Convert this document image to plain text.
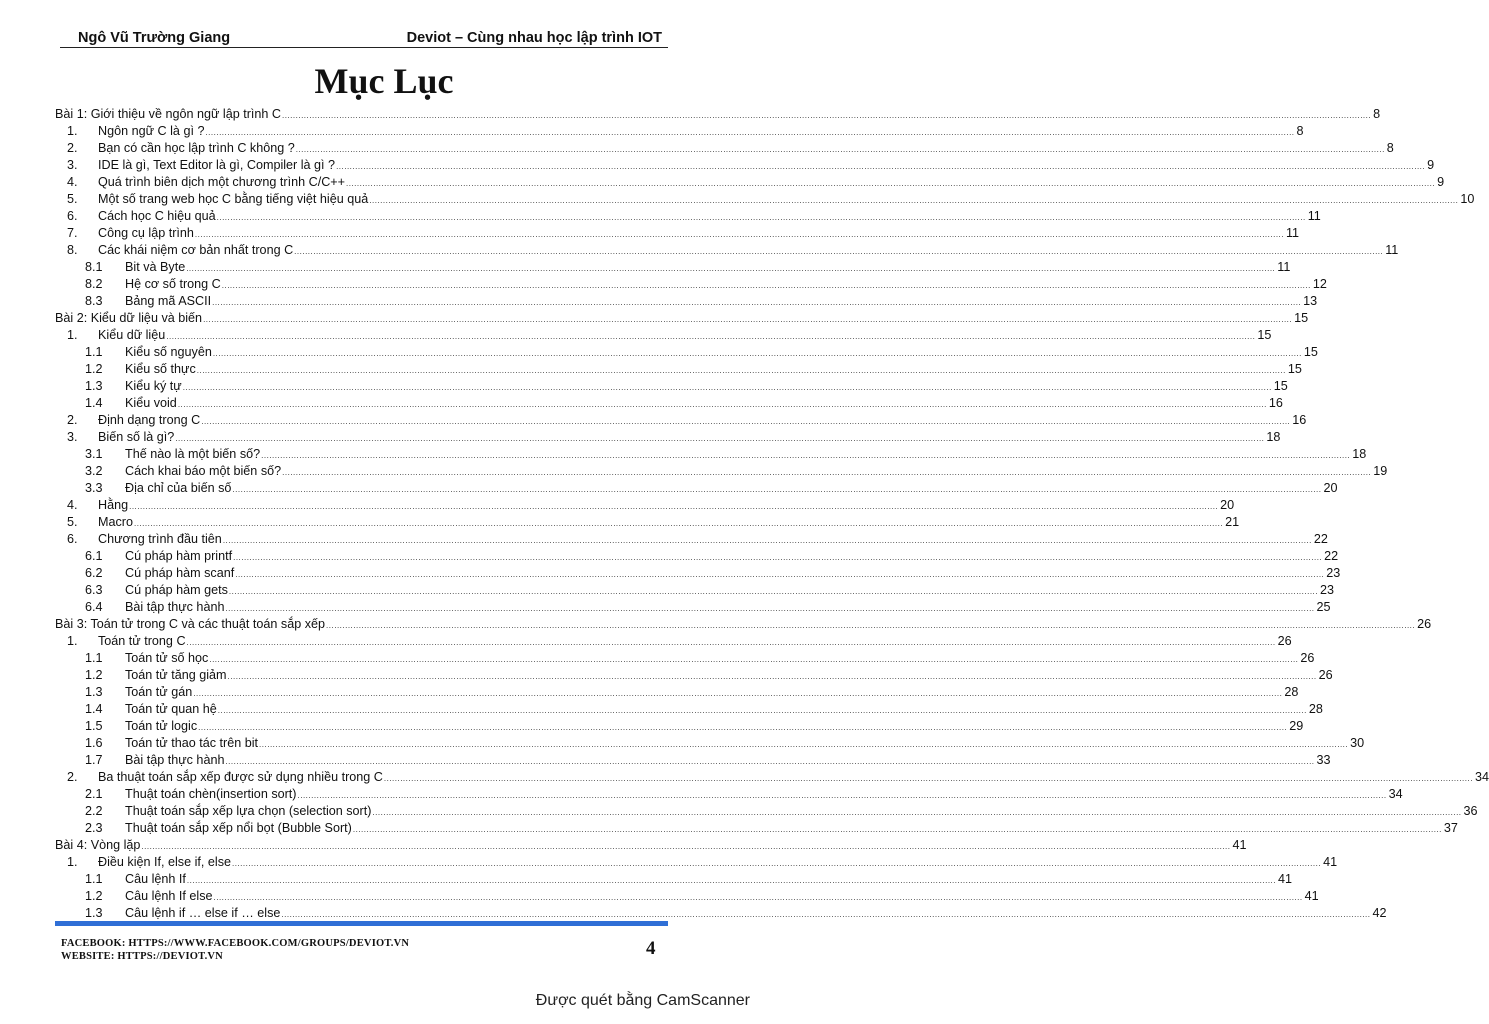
Ngô Vũ Trường Giang	Deviot – Cùng nhau học lập trình IOT
Mục Lục
Bài 1: Giới thiệu về ngôn ngữ lập trình C ................................................................................................................................................................................................................................................................................................................................................................................................................ 8
1. Ngôn ngữ C là gì ? ................................................................................................................................................................................................................................................................................................................................................................................................................ 8
2. Bạn có cần học lập trình C không ? ................................................................................................................................................................................................................................................................................................................................................................................................................ 8
3. IDE là gì, Text Editor là gì, Compiler là gì ? ................................................................................................................................................................................................................................................................................................................................................................................................................ 9
4. Quá trình biên dịch một chương trình C/C++ ................................................................................................................................................................................................................................................................................................................................................................................................................ 9
5. Một số trang web học C bằng tiếng việt hiệu quả ................................................................................................................................................................................................................................................................................................................................................................................................................ 10
6. Cách học C hiệu quả ................................................................................................................................................................................................................................................................................................................................................................................................................ 11
7. Công cụ lập trình ................................................................................................................................................................................................................................................................................................................................................................................................................ 11
8. Các khái niệm cơ bản nhất trong C ................................................................................................................................................................................................................................................................................................................................................................................................................ 11
8.1 Bit và Byte ................................................................................................................................................................................................................................................................................................................................................................................................................ 11
8.2 Hệ cơ số trong C ................................................................................................................................................................................................................................................................................................................................................................................................................ 12
8.3 Bảng mã ASCII ................................................................................................................................................................................................................................................................................................................................................................................................................ 13
Bài 2: Kiểu dữ liệu và biến ................................................................................................................................................................................................................................................................................................................................................................................................................ 15
1. Kiểu dữ liệu ................................................................................................................................................................................................................................................................................................................................................................................................................ 15
1.1 Kiểu số nguyên ................................................................................................................................................................................................................................................................................................................................................................................................................ 15
1.2 Kiểu số thực ................................................................................................................................................................................................................................................................................................................................................................................................................ 15
1.3 Kiểu ký tự ................................................................................................................................................................................................................................................................................................................................................................................................................ 15
1.4 Kiểu void ................................................................................................................................................................................................................................................................................................................................................................................................................ 16
2. Định dạng trong C ................................................................................................................................................................................................................................................................................................................................................................................................................ 16
3. Biến số là gì? ................................................................................................................................................................................................................................................................................................................................................................................................................ 18
3.1 Thế nào là một biến số? ................................................................................................................................................................................................................................................................................................................................................................................................................ 18
3.2 Cách khai báo một biến số? ................................................................................................................................................................................................................................................................................................................................................................................................................ 19
3.3 Địa chỉ của biến số ................................................................................................................................................................................................................................................................................................................................................................................................................ 20
4. Hằng ................................................................................................................................................................................................................................................................................................................................................................................................................ 20
5. Macro ................................................................................................................................................................................................................................................................................................................................................................................................................ 21
6. Chương trình đầu tiên ................................................................................................................................................................................................................................................................................................................................................................................................................ 22
6.1 Cú pháp hàm printf ................................................................................................................................................................................................................................................................................................................................................................................................................ 22
6.2 Cú pháp hàm scanf ................................................................................................................................................................................................................................................................................................................................................................................................................ 23
6.3 Cú pháp hàm gets ................................................................................................................................................................................................................................................................................................................................................................................................................ 23
6.4 Bài tập thực hành ................................................................................................................................................................................................................................................................................................................................................................................................................ 25
Bài 3: Toán tử trong C và các thuật toán sắp xếp ................................................................................................................................................................................................................................................................................................................................................................................................................ 26
1. Toán tử trong C ................................................................................................................................................................................................................................................................................................................................................................................................................ 26
1.1 Toán tử số học ................................................................................................................................................................................................................................................................................................................................................................................................................ 26
1.2 Toán tử tăng giảm ................................................................................................................................................................................................................................................................................................................................................................................................................ 26
1.3 Toán tử gán ................................................................................................................................................................................................................................................................................................................................................................................................................ 28
1.4 Toán tử quan hệ ................................................................................................................................................................................................................................................................................................................................................................................................................ 28
1.5 Toán tử logic ................................................................................................................................................................................................................................................................................................................................................................................................................ 29
1.6 Toán tử thao tác trên bit ................................................................................................................................................................................................................................................................................................................................................................................................................ 30
1.7 Bài tập thực hành ................................................................................................................................................................................................................................................................................................................................................................................................................ 33
2. Ba thuật toán sắp xếp được sử dụng nhiều trong C ................................................................................................................................................................................................................................................................................................................................................................................................................ 34
2.1 Thuật toán chèn(insertion sort) ................................................................................................................................................................................................................................................................................................................................................................................................................ 34
2.2 Thuật toán sắp xếp lựa chọn (selection sort) ................................................................................................................................................................................................................................................................................................................................................................................................................ 36
2.3 Thuật toán sắp xếp nổi bọt (Bubble Sort) ................................................................................................................................................................................................................................................................................................................................................................................................................ 37
Bài 4: Vòng lặp ................................................................................................................................................................................................................................................................................................................................................................................................................ 41
1. Điều kiện If, else if, else ................................................................................................................................................................................................................................................................................................................................................................................................................ 41
1.1 Câu lệnh If ................................................................................................................................................................................................................................................................................................................................................................................................................ 41
1.2 Câu lệnh If else ................................................................................................................................................................................................................................................................................................................................................................................................................ 41
1.3 Câu lệnh if … else if … else ................................................................................................................................................................................................................................................................................................................................................................................................................ 42
FACEBOOK: HTTPS://WWW.FACEBOOK.COM/GROUPS/DEVIOT.VN
WEBSITE: HTTPS://DEVIOT.VN	4
Được quét bằng CamScanner
